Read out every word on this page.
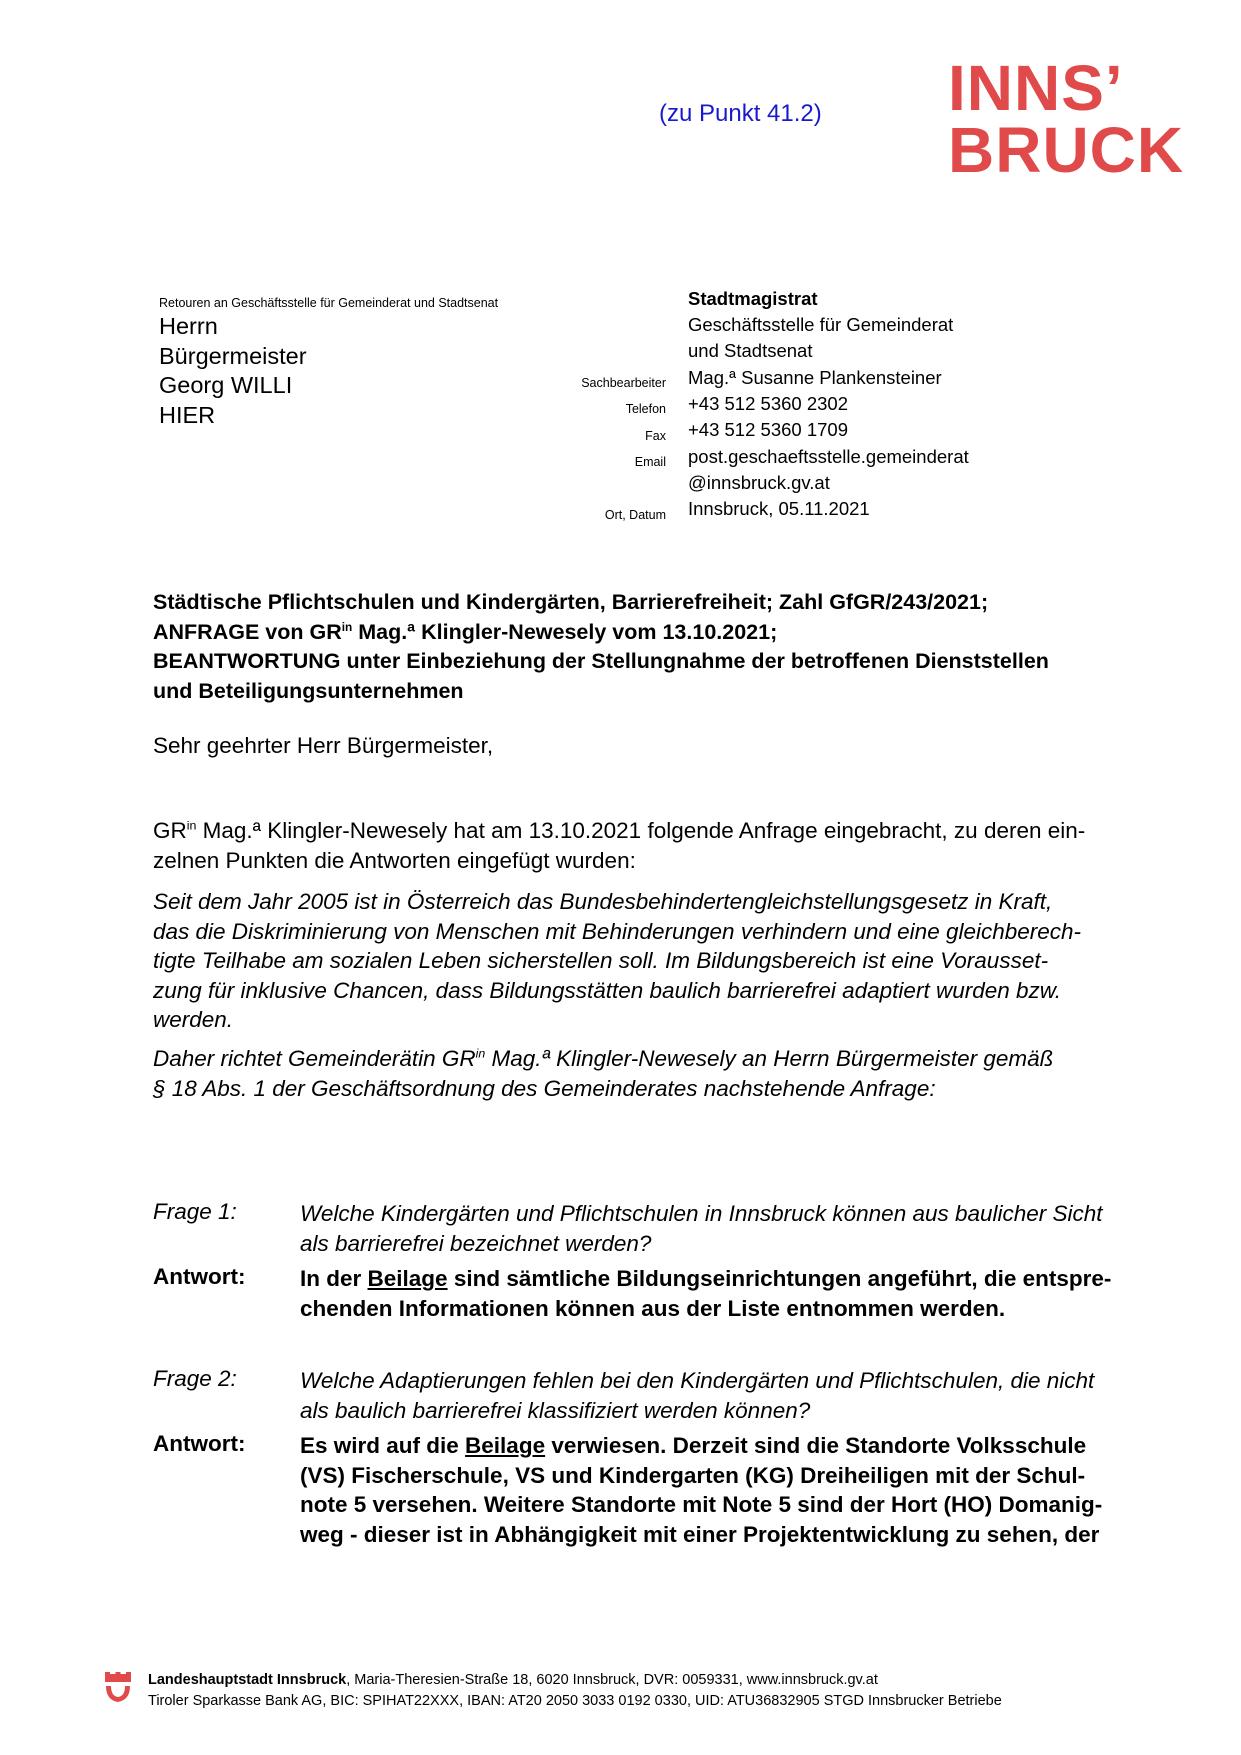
(zu Punkt 41.2) INNS’
BRUCK
Retouren an Geschäftsstelle für Gemeinderat und Stadtsenat
Herrn
Bürgermeister
Georg WILLI
HIER
Sachbearbeiter
Telefon
Fax
Email
Ort, Datum
Stadtmagistrat
Geschäftsstelle für Gemeinderat
und Stadtsenat
Mag.ª Susanne Plankensteiner
+43 512 5360 2302
+43 512 5360 1709
post.geschaeftsstelle.gemeinderat
@innsbruck.gv.at
Innsbruck, 05.11.2021
Städtische Pflichtschulen und Kindergärten, Barrierefreiheit; Zahl GfGR/243/2021;
ANFRAGE von $GR^{in}$ Mag.ª Klingler-Newesely vom 13.10.2021;
BEANTWORTUNG unter Einbeziehung der Stellungnahme der betroffenen Dienststellen
und Beteiligungsunternehmen
Sehr geehrter Herr Bürgermeister,
$GR^{in}$ Mag.ª Klingler-Newesely hat am 13.10.2021 folgende Anfrage eingebracht, zu deren ein-
zelnen Punkten die Antworten eingefügt wurden:
Seit dem Jahr 2005 ist in Österreich das Bundesbehindertengleichstellungsgesetz in Kraft,
das die Diskriminierung von Menschen mit Behinderungen verhindern und eine gleichberech-
tigte Teilhabe am sozialen Leben sicherstellen soll. Im Bildungsbereich ist eine Vorausset-
zung für inklusive Chancen, dass Bildungsstätten baulich barrierefrei adaptiert wurden bzw.
werden.
Daher richtet Gemeinderätin $GR^{in}$ Mag.ª Klingler-Newesely an Herrn Bürgermeister gemäß
§ 18 Abs. 1 der Geschäftsordnung des Gemeinderates nachstehende Anfrage:
Frage 1:	Welche Kindergärten und Pflichtschulen in Innsbruck können aus baulicher Sicht
als barrierefrei bezeichnet werden?
Antwort: In der Beilage sind sämtliche Bildungseinrichtungen angeführt, die entspre-
chenden Informationen können aus der Liste entnommen werden.
Frage 2:	Welche Adaptierungen fehlen bei den Kindergärten und Pflichtschulen, die nicht
als baulich barrierefrei klassifiziert werden können?
Antwort: Es wird auf die Beilage verwiesen. Derzeit sind die Standorte Volksschule
(VS) Fischerschule, VS und Kindergarten (KG) Dreiheiligen mit der Schul-
note 5 versehen. Weitere Standorte mit Note 5 sind der Hort (HO) Domanig-
weg - dieser ist in Abhängigkeit mit einer Projektentwicklung zu sehen, der
Landeshauptstadt Innsbruck, Maria-Theresien-Straße 18, 6020 Innsbruck, DVR: 0059331, www.innsbruck.gv.at
Tiroler Sparkasse Bank AG, BIC: SPIHAT22XXX, IBAN: AT20 2050 3033 0192 0330, UID: ATU36832905 STGD Innsbrucker Betriebe
